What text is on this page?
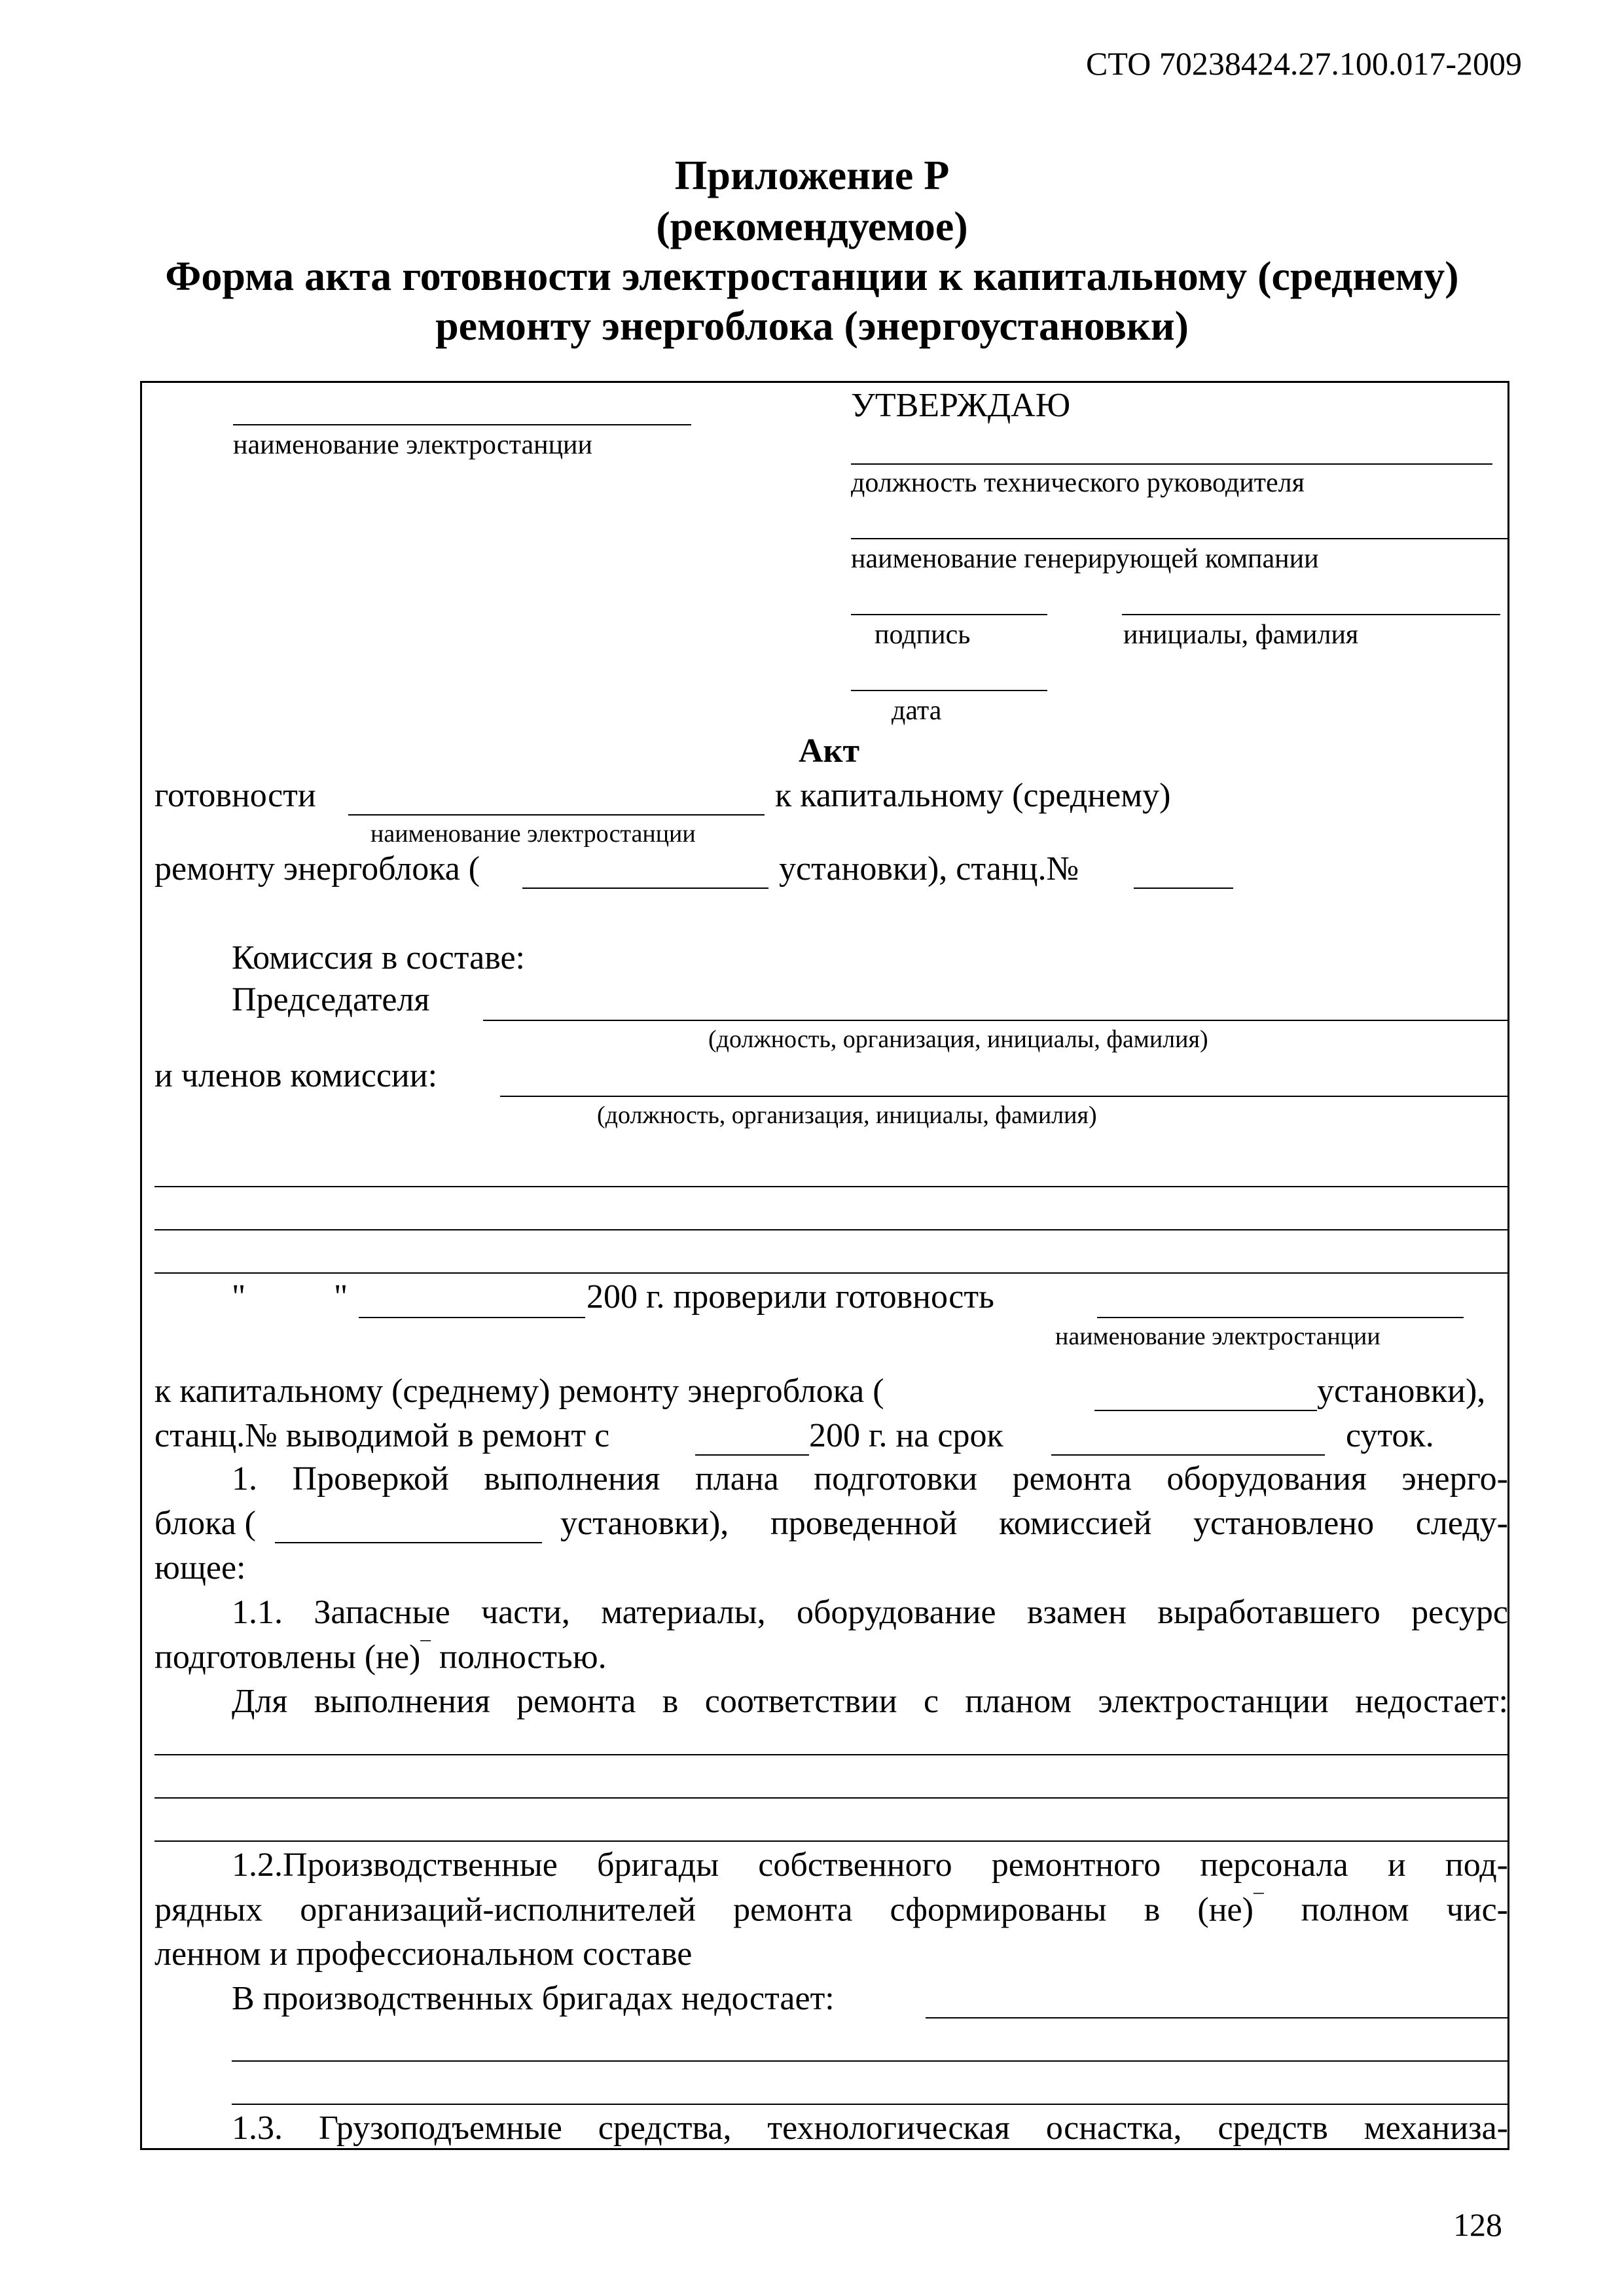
СТО 70238424.27.100.017-2009
Приложение Р
(рекомендуемое)
Форма акта готовности электростанции к капитальному (среднему)
ремонту энергоблока (энергоустановки)
наименование электростанции
УТВЕРЖДАЮ
должность технического руководителя
наименование генерирующей компании
подпись	инициалы, фамилия
дата
Акт
готовности	к капитальному (среднему)
наименование электростанции
ремонту энергоблока (	установки), станц.№
Комиссия в составе:
Председателя
(должность, организация, инициалы, фамилия)
и членов комиссии:
(должность, организация, инициалы, фамилия)
"	"	200 г. проверили готовность
наименование электростанции
к капитальному (среднему) ремонту энергоблока (	установки),
станц.№ выводимой в ремонт с	200 г. на срок	суток.
1. Проверкой выполнения плана подготовки ремонта оборудования энерго-
блока (	установки), проведенной комиссией установлено следу-
ющее:
1.1. Запасные части, материалы, оборудование взамен выработавшего ресурс
подготовлены (не)¯ полностью.
Для выполнения ремонта в соответствии с планом электростанции недостает:
1.2.Производственные бригады собственного ремонтного персонала и под-
рядных организаций-исполнителей ремонта сформированы в (не)¯ полном чис-
ленном и профессиональном составе
В производственных бригадах недостает:
1.3. Грузоподъемные средства, технологическая оснастка, средств механиза-
128
